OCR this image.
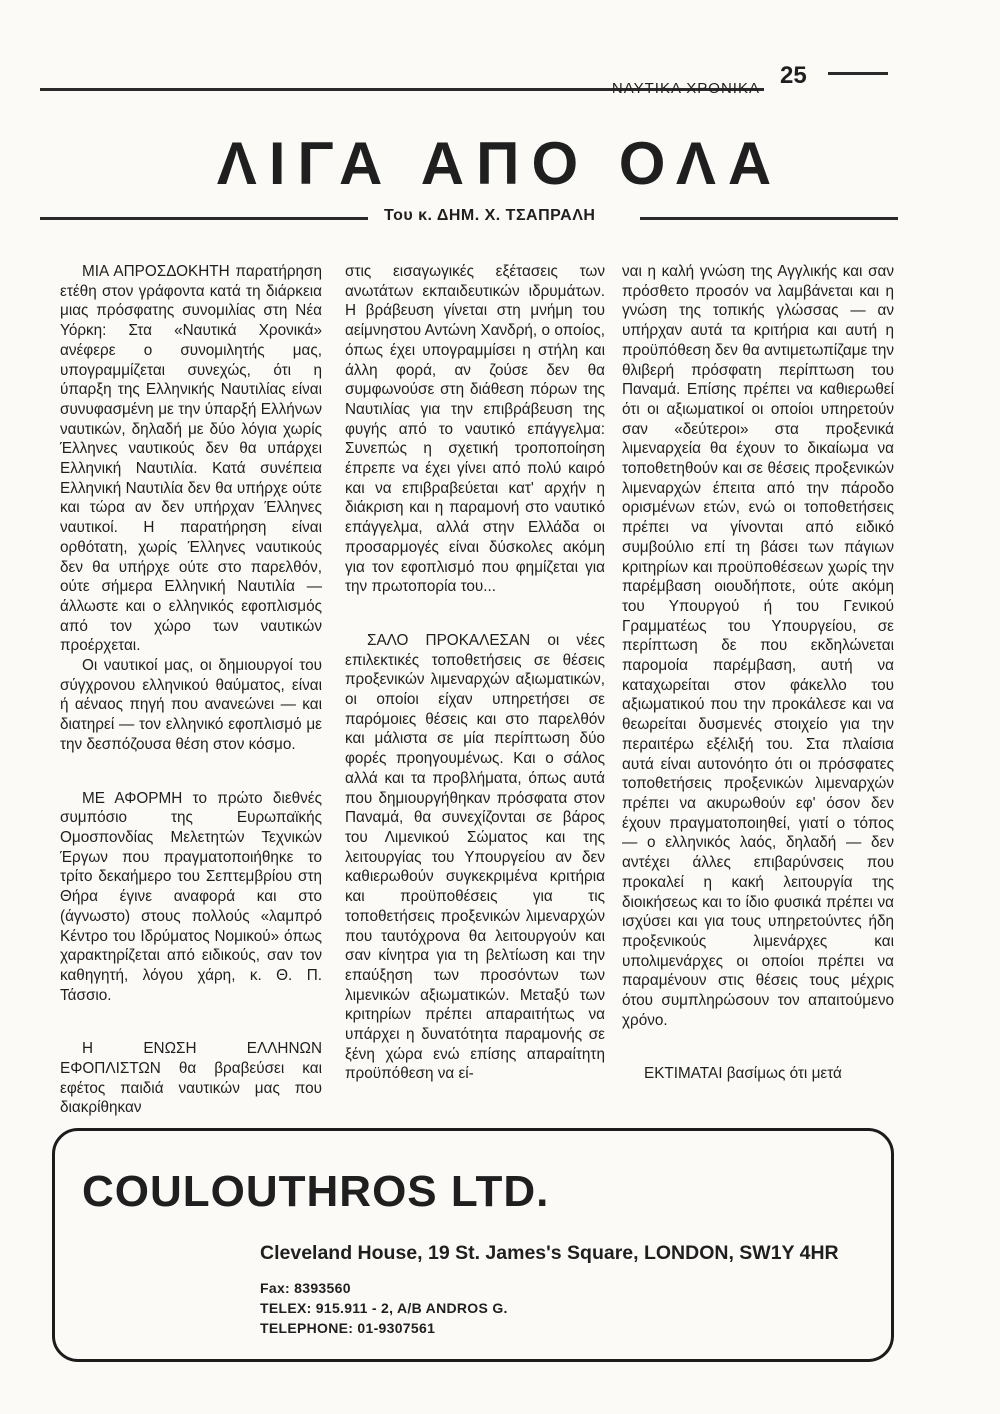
ΝΑΥΤΙΚΑ ΧΡΟΝΙΚΑ 25
ΛΙΓΑ ΑΠΟ ΟΛΑ
Του κ. ΔΗΜ. Χ. ΤΣΑΠΡΑΛΗ

ΜΙΑ ΑΠΡΟΣΔΟΚΗΤΗ παρατήρηση ετέθη στον γράφοντα κατά τη διάρκεια μιας πρόσφατης συνομιλίας στη Νέα Υόρκη: Στα «Ναυτικά Χρονικά» ανέφερε ο συνομιλητής μας, υπογραμμίζεται συνεχώς, ότι η ύπαρξη της Ελληνικής Ναυτιλίας είναι συνυφασμένη με την ύπαρξή Ελλήνων ναυτικών, δηλαδή με δύο λόγια χωρίς Έλληνες ναυτικούς δεν θα υπάρχει Ελληνική Ναυτιλία. Κατά συνέπεια Ελληνική Ναυτιλία δεν θα υπήρχε ούτε και τώρα αν δεν υπήρχαν Έλληνες ναυτικοί. Η παρατήρηση είναι ορθότατη, χωρίς Έλληνες ναυτικούς δεν θα υπήρχε ούτε στο παρελθόν, ούτε σήμερα Ελληνική Ναυτιλία — άλλωστε και ο ελληνικός εφοπλισμός από τον χώρο των ναυτικών προέρχεται.

Οι ναυτικοί μας, οι δημιουργοί του σύγχρονου ελληνικού θαύματος, είναι ή αέναος πηγή που ανανεώνει — και διατηρεί — τον ελληνικό εφοπλισμό με την δεσπόζουσα θέση στον κόσμο.

ΜΕ ΑΦΟΡΜΗ το πρώτο διεθνές συμπόσιο της Ευρωπαϊκής Ομοσπονδίας Μελετητών Τεχνικών Έργων που πραγματοποιήθηκε το τρίτο δεκαήμερο του Σεπτεμβρίου στη Θήρα έγινε αναφορά και στο (άγνωστο) στους πολλούς «λαμπρό Κέντρο του Ιδρύματος Νομικού» όπως χαρακτηρίζεται από ειδικούς, σαν τον καθηγητή, λόγου χάρη, κ. Θ. Π. Τάσσιο.

Η ΕΝΩΣΗ ΕΛΛΗΝΩΝ ΕΦΟΠΛΙΣΤΩΝ θα βραβεύσει και εφέτος παιδιά ναυτικών μας που διακρίθηκαν

στις εισαγωγικές εξέτασεις των ανωτάτων εκπαιδευτικών ιδρυμάτων. Η βράβευση γίνεται στη μνήμη του αείμνηστου Αντώνη Χανδρή, ο οποίος, όπως έχει υπογραμμίσει η στήλη και άλλη φορά, αν ζούσε δεν θα συμφωνούσε στη διάθεση πόρων της Ναυτιλίας για την επιβράβευση της φυγής από το ναυτικό επάγγελμα: Συνεπώς η σχετική τροποποίηση έπρεπε να έχει γίνει από πολύ καιρό και να επιβραβεύεται κατ' αρχήν η διάκριση και η παραμονή στο ναυτικό επάγγελμα, αλλά στην Ελλάδα οι προσαρμογές είναι δύσκολες ακόμη για τον εφοπλισμό που φημίζεται για την πρωτοπορία του...

ΣΑΛΟ ΠΡΟΚΑΛΕΣΑΝ οι νέες επιλεκτικές τοποθετήσεις σε θέσεις προξενικών λιμεναρχών αξιωματικών, οι οποίοι είχαν υπηρετήσει σε παρόμοιες θέσεις και στο παρελθόν και μάλιστα σε μία περίπτωση δύο φορές προηγουμένως. Και ο σάλος αλλά και τα προβλήματα, όπως αυτά που δημιουργήθηκαν πρόσφατα στον Παναμά, θα συνεχίζονται σε βάρος του Λιμενικού Σώματος και της λειτουργίας του Υπουργείου αν δεν καθιερωθούν συγκεκριμένα κριτήρια και προϋποθέσεις για τις τοποθετήσεις προξενικών λιμεναρχών που ταυτόχρονα θα λειτουργούν και σαν κίνητρα για τη βελτίωση και την επαύξηση των προσόντων των λιμενικών αξιωματικών. Μεταξύ των κριτηρίων πρέπει απαραιτήτως να υπάρχει η δυνατότητα παραμονής σε ξένη χώρα ενώ επίσης απαραίτητη προϋπόθεση να εί-

ναι η καλή γνώση της Αγγλικής και σαν πρόσθετο προσόν να λαμβάνεται και η γνώση της τοπικής γλώσσας — αν υπήρχαν αυτά τα κριτήρια και αυτή η προϋπόθεση δεν θα αντιμετωπίζαμε την θλιβερή πρόσφατη περίπτωση του Παναμά. Επίσης πρέπει να καθιερωθεί ότι οι αξιωματικοί οι οποίοι υπηρετούν σαν «δεύτεροι» στα προξενικά λιμεναρχεία θα έχουν το δικαίωμα να τοποθετηθούν και σε θέσεις προξενικών λιμεναρχών έπειτα από την πάροδο ορισμένων ετών, ενώ οι τοποθετήσεις πρέπει να γίνονται από ειδικό συμβούλιο επί τη βάσει των πάγιων κριτηρίων και προϋποθέσεων χωρίς την παρέμβαση οιουδήποτε, ούτε ακόμη του Υπουργού ή του Γενικού Γραμματέως του Υπουργείου, σε περίπτωση δε που εκδηλώνεται παρομοία παρέμβαση, αυτή να καταχωρείται στον φάκελλο του αξιωματικού που την προκάλεσε και να θεωρείται δυσμενές στοιχείο για την περαιτέρω εξέλιξή του. Στα πλαίσια αυτά είναι αυτονόητο ότι οι πρόσφατες τοποθετήσεις προξενικών λιμεναρχών πρέπει να ακυρωθούν εφ' όσον δεν έχουν πραγματοποιηθεί, γιατί ο τόπος — ο ελληνικός λαός, δηλαδή — δεν αντέχει άλλες επιβαρύνσεις που προκαλεί η κακή λειτουργία της διοικήσεως και το ίδιο φυσικά πρέπει να ισχύσει και για τους υπηρετούντες ήδη προξενικούς λιμενάρχες και υπολιμενάρχες οι οποίοι πρέπει να παραμένουν στις θέσεις τους μέχρις ότου συμπληρώσουν τον απαιτούμενο χρόνο.

ΕΚΤΙΜΑΤΑΙ βασίμως ότι μετά

COULOUTHROS LTD.
Cleveland House, 19 St. James's Square, LONDON, SW1Y 4HR
Fax: 8393560
TELEX: 915.911 - 2, A/B ANDROS G.
TELEPHONE: 01-9307561
